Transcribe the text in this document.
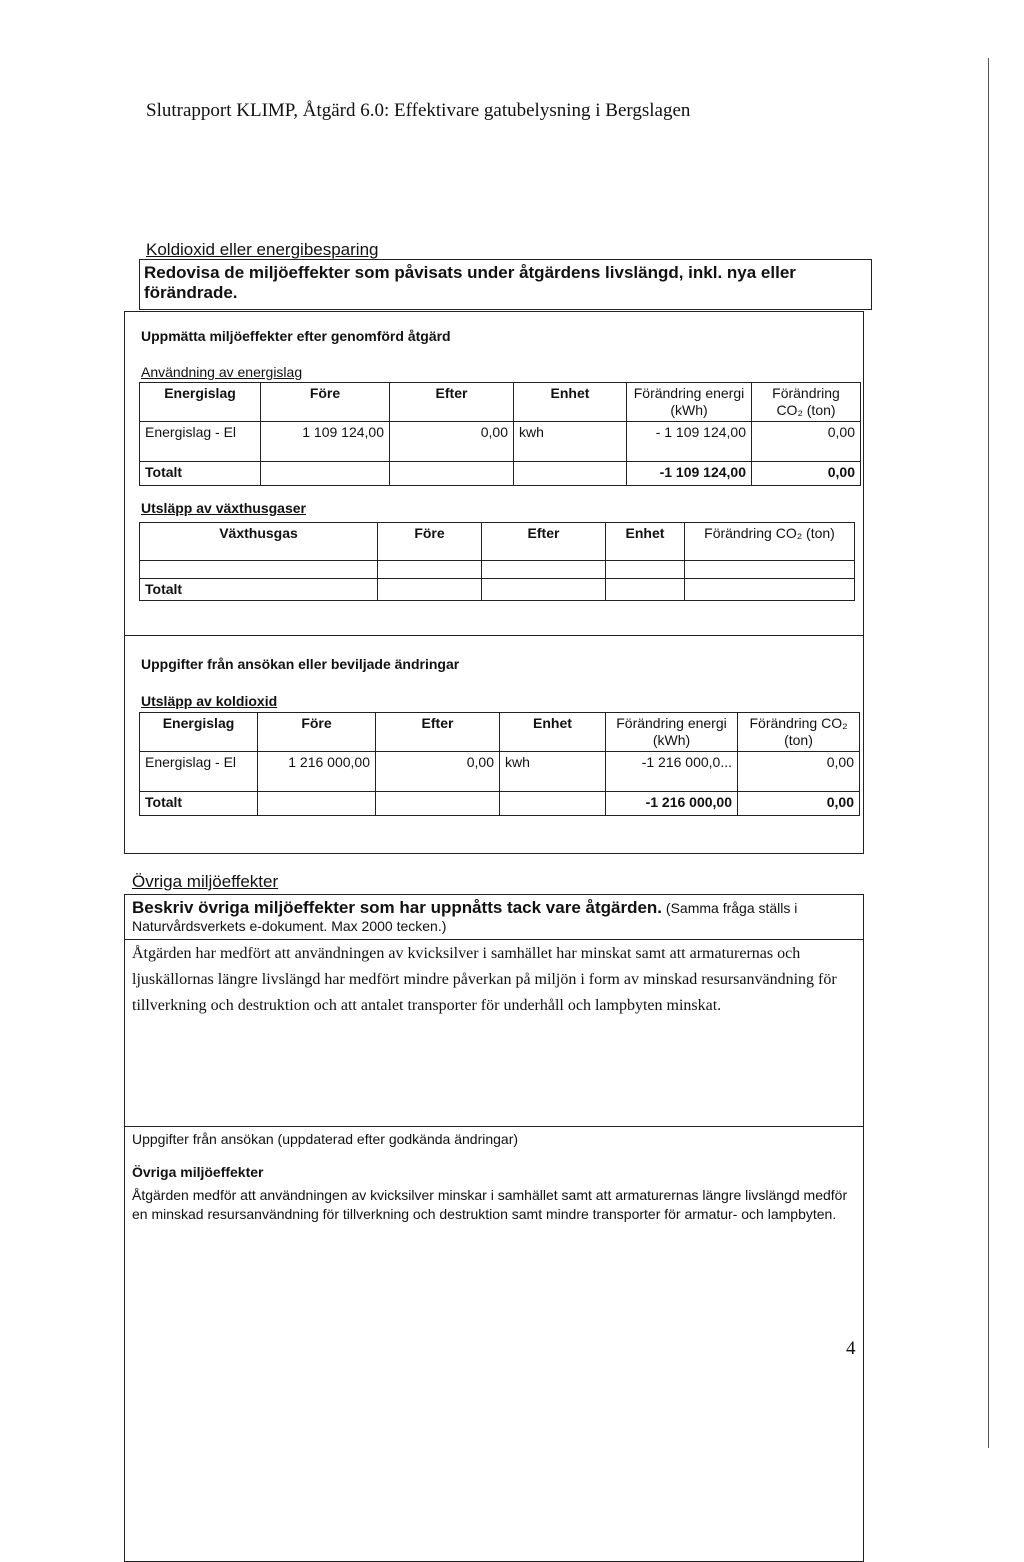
Slutrapport KLIMP, Åtgärd 6.0: Effektivare gatubelysning i Bergslagen
Koldioxid eller energibesparing
Redovisa de miljöeffekter som påvisats under åtgärdens livslängd, inkl. nya eller förändrade.
Uppmätta miljöeffekter efter genomförd åtgärd
Användning av energislag
Energislag	Före	Efter	Enhet	Förändring energi (kWh)	Förändring CO₂ (ton)
Energislag - El	1 109 124,00	0,00	kwh	- 1 109 124,00	0,00
Totalt				-1 109 124,00	0,00
Utsläpp av växthusgaser
Växthusgas	Före	Efter	Enhet	Förändring CO₂ (ton)

Totalt				
Uppgifter från ansökan eller beviljade ändringar
Utsläpp av koldioxid
Energislag	Före	Efter	Enhet	Förändring energi (kWh)	Förändring CO₂ (ton)
Energislag - El	1 216 000,00	0,00	kwh	-1 216 000,0...	0,00
Totalt				-1 216 000,00	0,00
Övriga miljöeffekter
Beskriv övriga miljöeffekter som har uppnåtts tack vare åtgärden. (Samma fråga ställs i Naturvårdsverkets e-dokument. Max 2000 tecken.)
Åtgärden har medfört att användningen av kvicksilver i samhället har minskat samt att armaturernas och ljuskällornas längre livslängd har medfört mindre påverkan på miljön i form av minskad resursanvändning för tillverkning och destruktion och att antalet transporter för underhåll och lampbyten minskat.
Uppgifter från ansökan (uppdaterad efter godkända ändringar)
Övriga miljöeffekter
Åtgärden medför att användningen av kvicksilver minskar i samhället samt att armaturernas längre livslängd medför en minskad resursanvändning för tillverkning och destruktion samt mindre transporter för armatur- och lampbyten.
4
